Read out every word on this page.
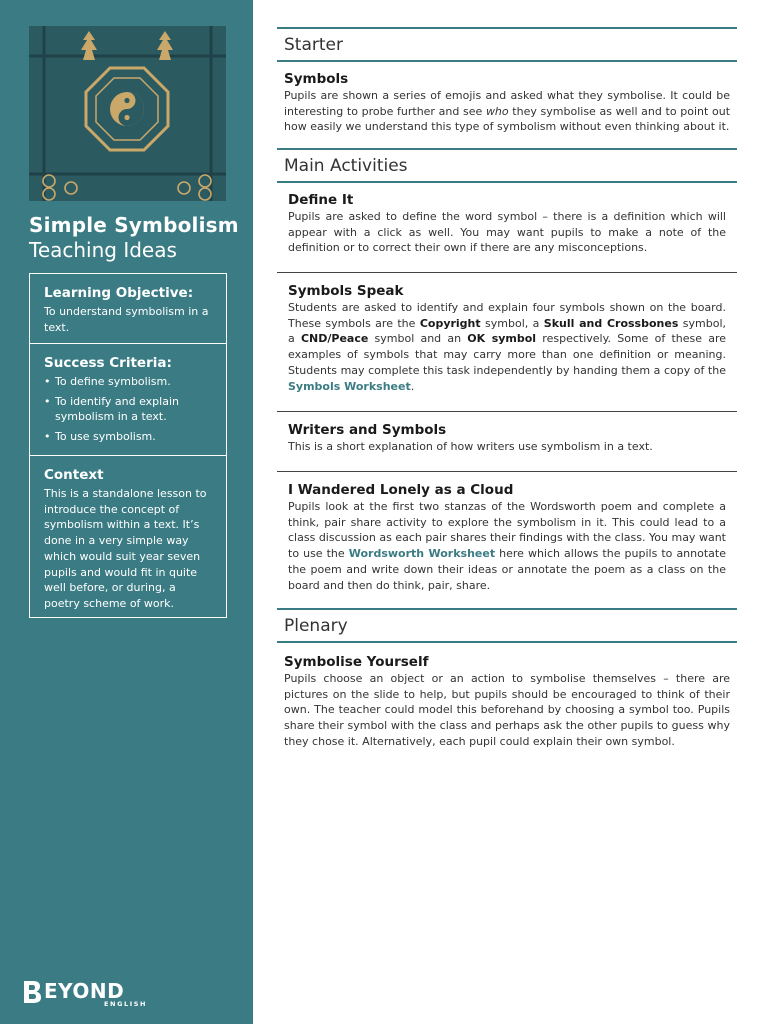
Simple Symbolism
Teaching Ideas
Learning Objective:

To understand symbolism in a text.

Success Criteria:
• To define symbolism.
• To identify and explain symbolism in a text.
• To use symbolism.
Context

This is a standalone lesson to introduce the concept of symbolism within a text. It’s done in a very simple way which would suit year seven pupils and would fit in quite well before, or during, a poetry scheme of work.

EYOND
ENGLISH
Starter
Symbols

Pupils are shown a series of emojis and asked what they symbolise. It could be interesting to probe further and see who they symbolise as well and to point out how easily we understand this type of symbolism without even thinking about it.

Main Activities
Define It

Pupils are asked to define the word symbol – there is a definition which will appear with a click as well. You may want pupils to make a note of the definition or to correct their own if there are any misconceptions.

Symbols Speak

Students are asked to identify and explain four symbols shown on the board. These symbols are the Copyright symbol, a Skull and Crossbones symbol, a CND/Peace symbol and an OK symbol respectively. Some of these are examples of symbols that may carry more than one definition or meaning. Students may complete this task independently by handing them a copy of the Symbols Worksheet.

Writers and Symbols

This is a short explanation of how writers use symbolism in a text.

I Wandered Lonely as a Cloud

Pupils look at the first two stanzas of the Wordsworth poem and complete a think, pair share activity to explore the symbolism in it. This could lead to a class discussion as each pair shares their findings with the class. You may want to use the Wordsworth Worksheet here which allows the pupils to annotate the poem and write down their ideas or annotate the poem as a class on the board and then do think, pair, share.

Plenary
Symbolise Yourself

Pupils choose an object or an action to symbolise themselves – there are pictures on the slide to help, but pupils should be encouraged to think of their own. The teacher could model this beforehand by choosing a symbol too. Pupils share their symbol with the class and perhaps ask the other pupils to guess why they chose it. Alternatively, each pupil could explain their own symbol.
